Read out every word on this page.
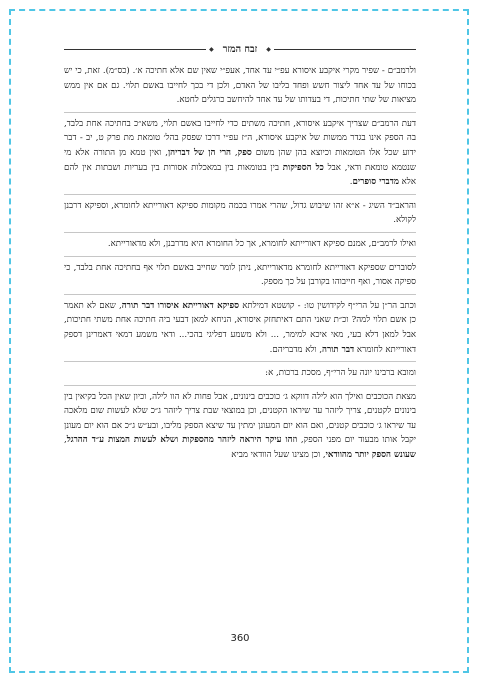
◆ זבח המזר ◆

ולרמב״ם - שפיר מקרי איקבע איסורא עפ״י עד אחד, אעפ״י שאין שם אלא חתיכה א׳. (כס״מ). זאת, כי יש בכוחו של עד אחד ליצור חשש ופחד בליבו של האדם, ולכן די בכך לחייבו באשם תלוי. גם אם אין ממש מציאות של שתי חתיכות, די בעדותו של עד אחד להיחשב כרגלים לחטא.

דעת הרמב״ם שצריך איקבע איסורא, חתיכה משתים כדי לחייבו באשם תלוי, משא״כ בחתיכה אחת בלבד, בה הספק אינו בגדר ממשות של איקבע איסורא, ה״ז עפ״י דרכו שפסק בהל׳ טומאת מת פרק ט, יב - דבר ידוע שכל אלו הטומאות וכיוצא בהן שהן משום ספק, הרי הן של דבריהן, ואין טמא מן התורה אלא מי שנטמא טומאת ודאי, אבל כל הספיקות בין בטומאות בין במאכלות אסורות בין בעריות ושבתות אין להם אלא מדברי סופרים.

והראב״ד השיג - א״א זהו שיבוש גדול, שהרי אמרו בכמה מקומות ספיקא דאורייתא לחומרא, וספיקא דרבנן לקולא.

ואילו לרמב״ם, אמנם ספיקא דאורייתא לחומרא, אך כל החומרא היא מדרבנן, ולא מדאורייתא.

לסוברים שספיקא דאורייתא לחומרא מדאורייתא, ניתן לומר שחייב באשם תלוי אף בחתיכה אחת בלבד, כי ספיקה אסור, ואף חייבוהו בקורבן על כך מספק.

וכתב הר״ן על הרי״ף לקידושין טו: - קושטא דמילתא ספיקא דאורייתא איסורו דבר תורה, שאם לא תאמר כן אשם תלוי למה? וכ״ת שאני התם דאיתחזק איסורא, הניחא למאן דבעי ביה חתיכה אחת משתי חתיכות, אבל למאן דלא בעי, מאי איכא למימר, ... ולא משמע דפליגי בהכי... ודאי משמע דמאי דאמרינן דספק דאורייתא לחומרא דבר תורה, ולא מדבריהם.

ומובא ברבינו יונה על הרי״ף, מסכת ברכות, א:

מצאת הכוכבים ואילך הוא לילה דווקא ג׳ כוכבים בינונים, אבל פחות לא הוו לילה, וכיון שאין הכל בקיאין בין בינונים לקטנים, צריך ליזהר עד שיראו הקטנים, וכן במוצאי שבת צריך ליזהר ג״כ שלא לעשות שום מלאכה עד שיראו ג׳ כוכבים קטנים, ואם הוא יום המעונן ימתין עד שיצא הספק מליבו, ובע״ש ג״כ אם הוא יום מעונן יקבל אותו מבעוד יום מפני הספק, וזהו עיקר היראה ליזהר מהספקות ושלא לעשות המצות ע״ד ההרגל, שעונש הספק יותר מהוודאי, וכן מצינו שעל הוודאי מביא

360
